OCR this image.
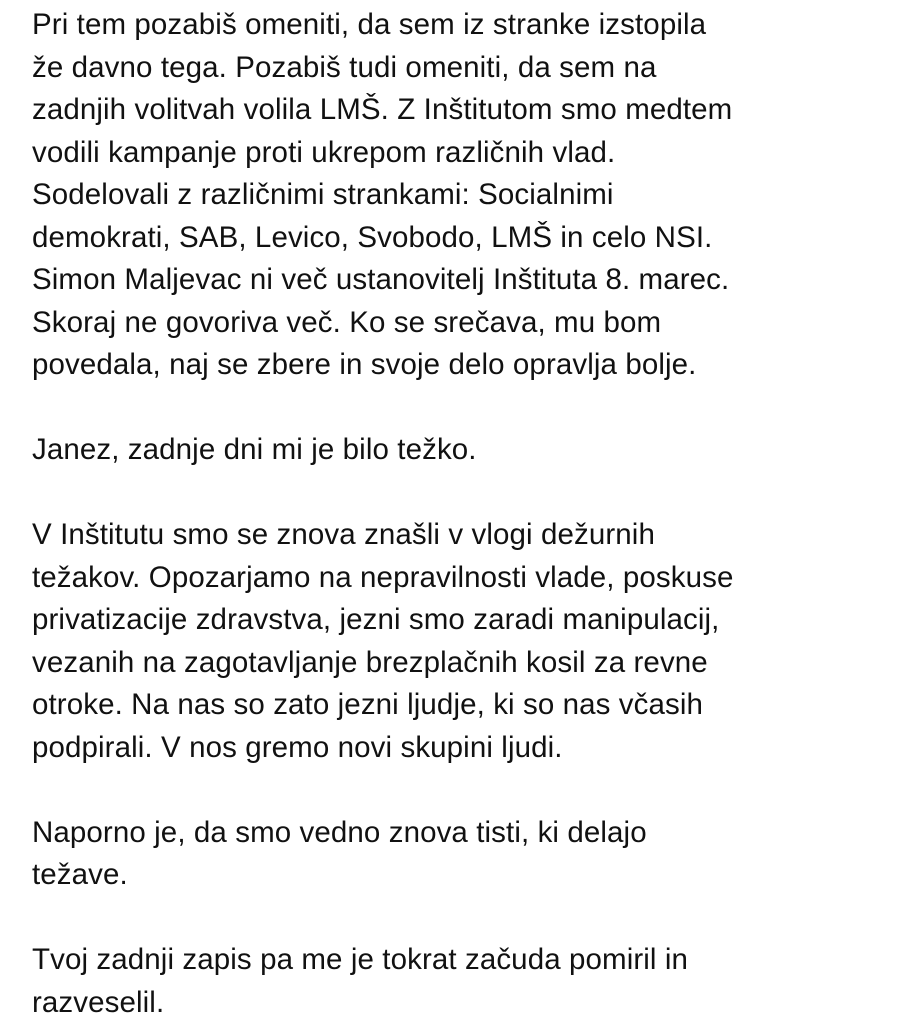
Pri tem pozabiš omeniti, da sem iz stranke izstopila
že davno tega. Pozabiš tudi omeniti, da sem na
zadnjih volitvah volila LMŠ. Z Inštitutom smo medtem
vodili kampanje proti ukrepom različnih vlad.
Sodelovali z različnimi strankami: Socialnimi
demokrati, SAB, Levico, Svobodo, LMŠ in celo NSI.
Simon Maljevac ni več ustanovitelj Inštituta 8. marec.
Skoraj ne govoriva več. Ko se srečava, mu bom
povedala, naj se zbere in svoje delo opravlja bolje.
Janez, zadnje dni mi je bilo težko.
V Inštitutu smo se znova znašli v vlogi dežurnih
težakov. Opozarjamo na nepravilnosti vlade, poskuse
privatizacije zdravstva, jezni smo zaradi manipulacij,
vezanih na zagotavljanje brezplačnih kosil za revne
otroke. Na nas so zato jezni ljudje, ki so nas včasih
podpirali. V nos gremo novi skupini ljudi.
Naporno je, da smo vedno znova tisti, ki delajo
težave.
Tvoj zadnji zapis pa me je tokrat začuda pomiril in
razveselil.
